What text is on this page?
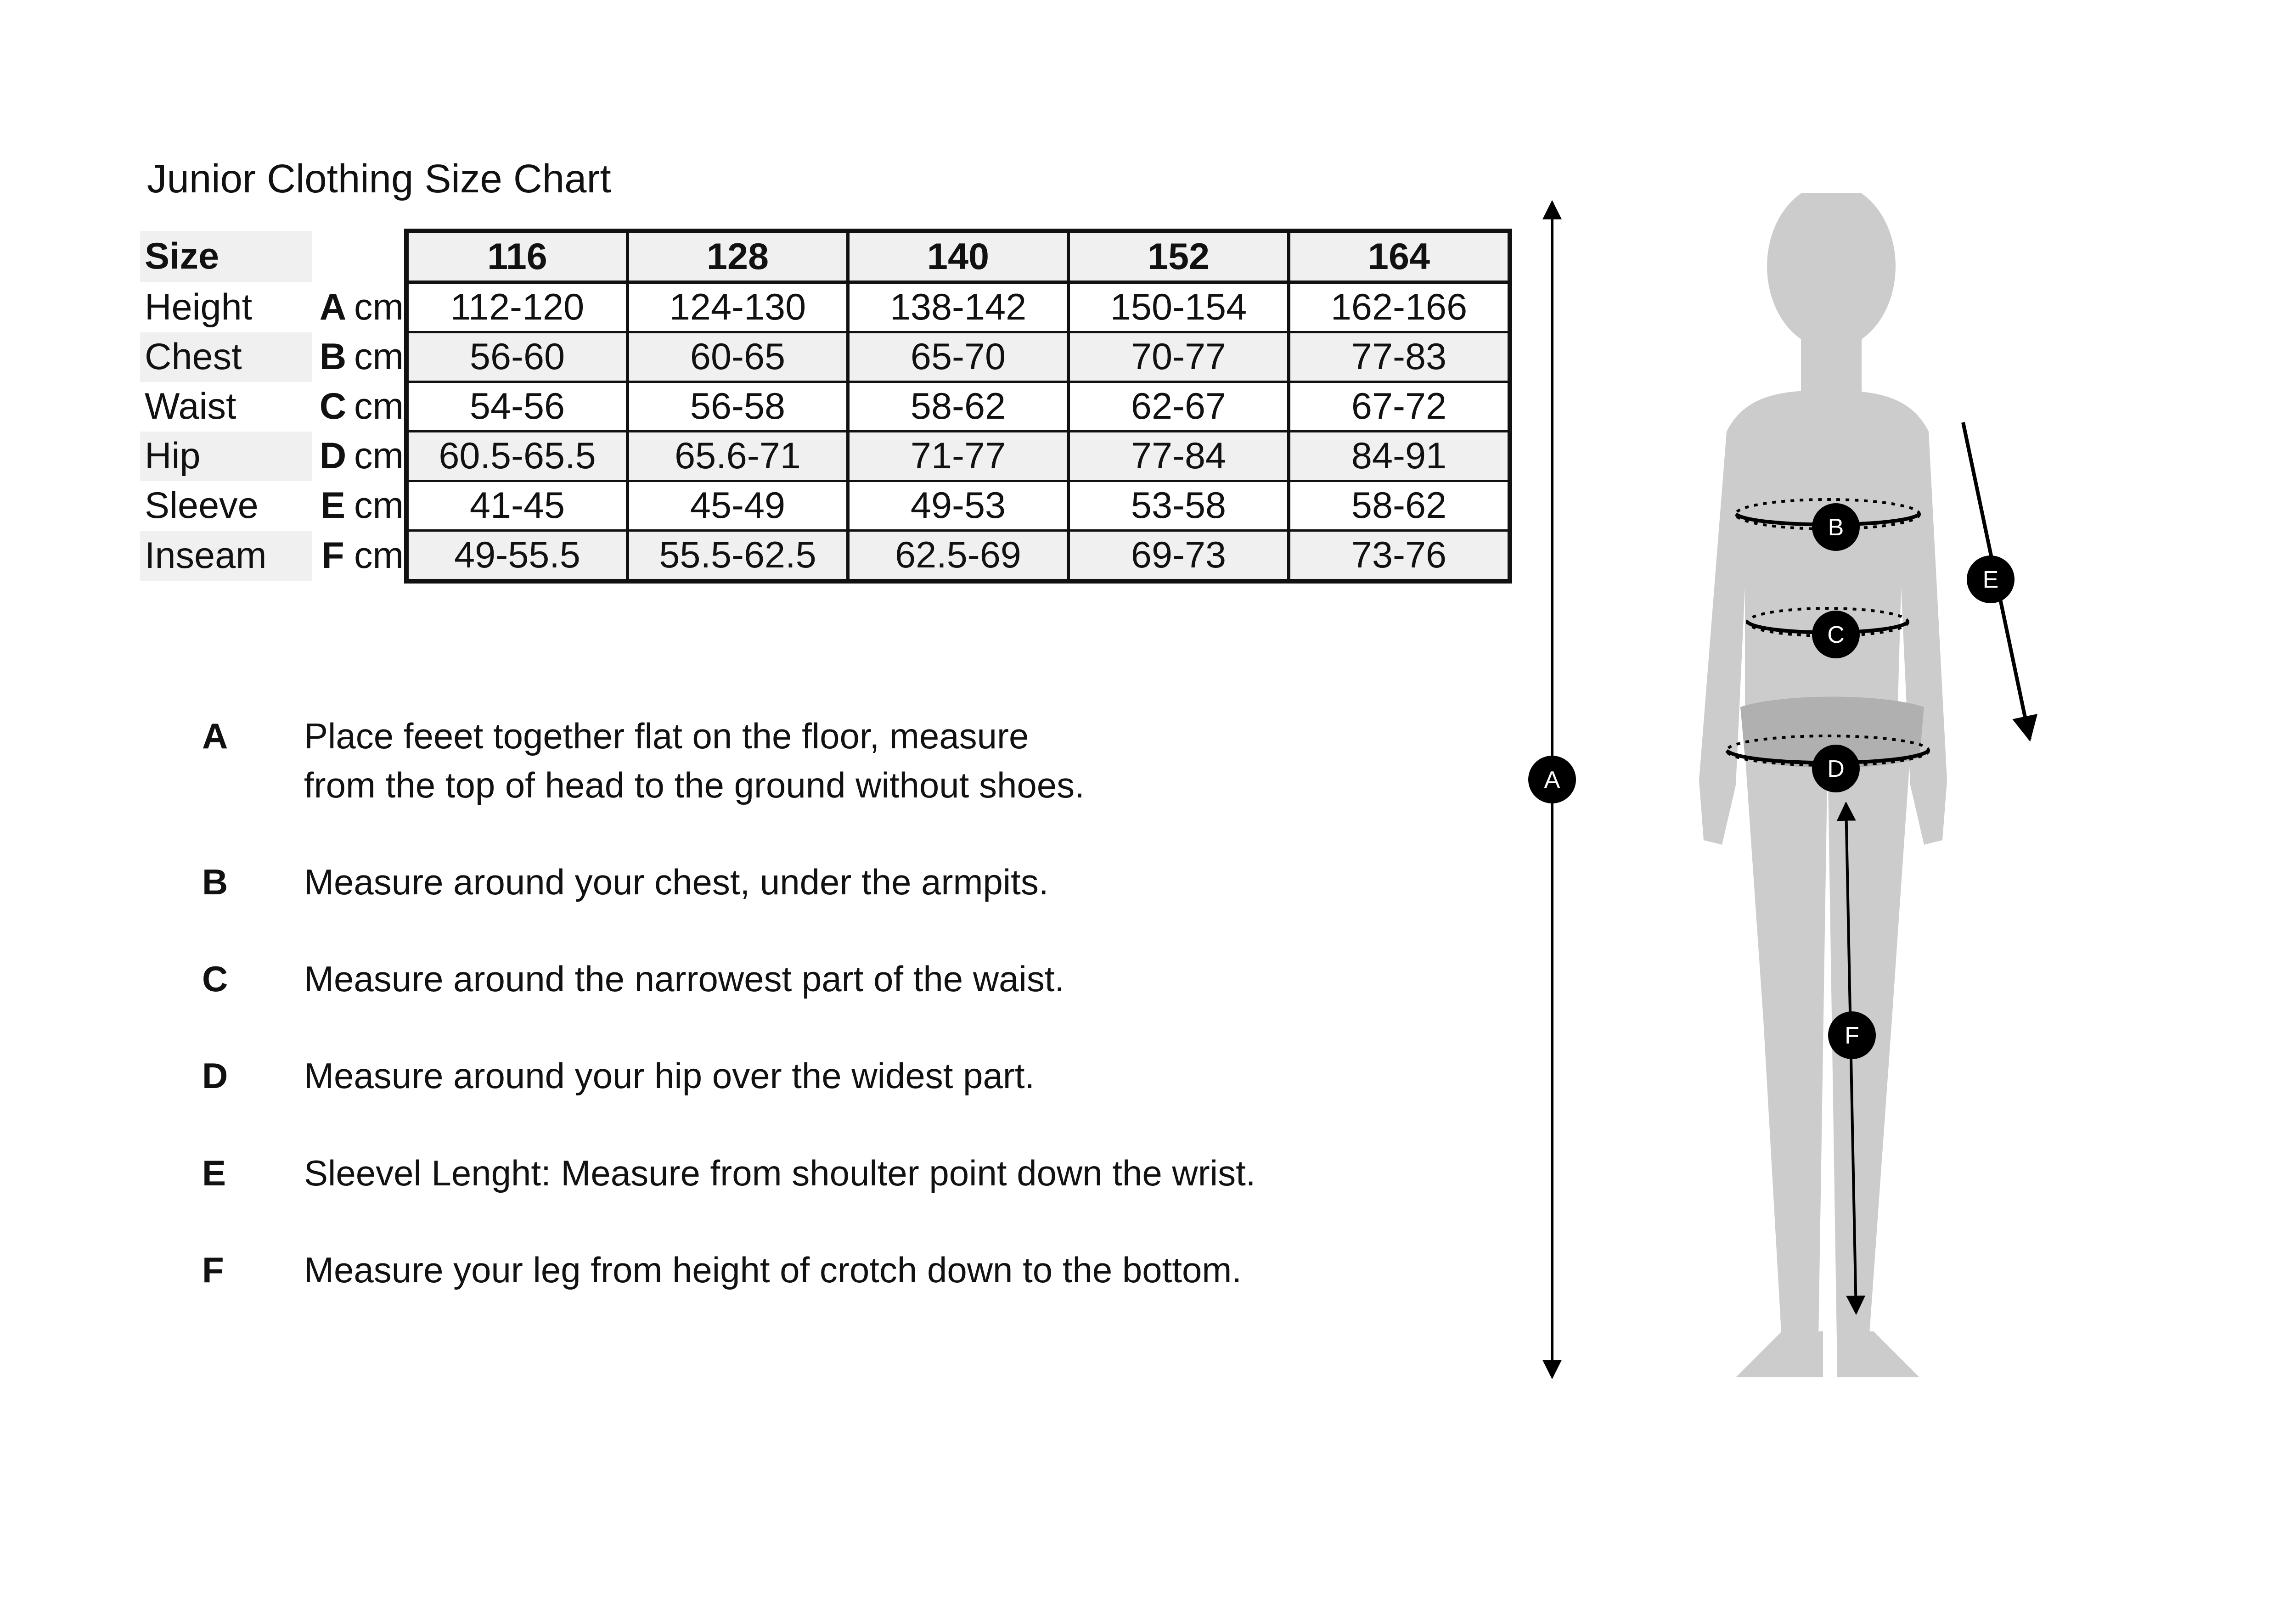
Junior Clothing Size Chart
Size			116	128	140	152	164
Height	A	cm	112-120	124-130	138-142	150-154	162-166
Chest	B	cm	56-60	60-65	65-70	70-77	77-83
Waist	C	cm	54-56	56-58	58-62	62-67	67-72
Hip	D	cm	60.5-65.5	65.6-71	71-77	77-84	84-91
Sleeve	E	cm	41-45	45-49	49-53	53-58	58-62
Inseam	F	cm	49-55.5	55.5-62.5	62.5-69	69-73	73-76
A Place feeet together flat on the floor, measure
from the top of head to the ground without shoes.
B Measure around your chest, under the armpits.
C Measure around the narrowest part of the waist.
D Measure around your hip over the widest part.
E Sleevel Lenght: Measure from shoulter point down the wrist.
F Measure your leg from height of crotch down to the bottom.
A
B
C
D
E
F
